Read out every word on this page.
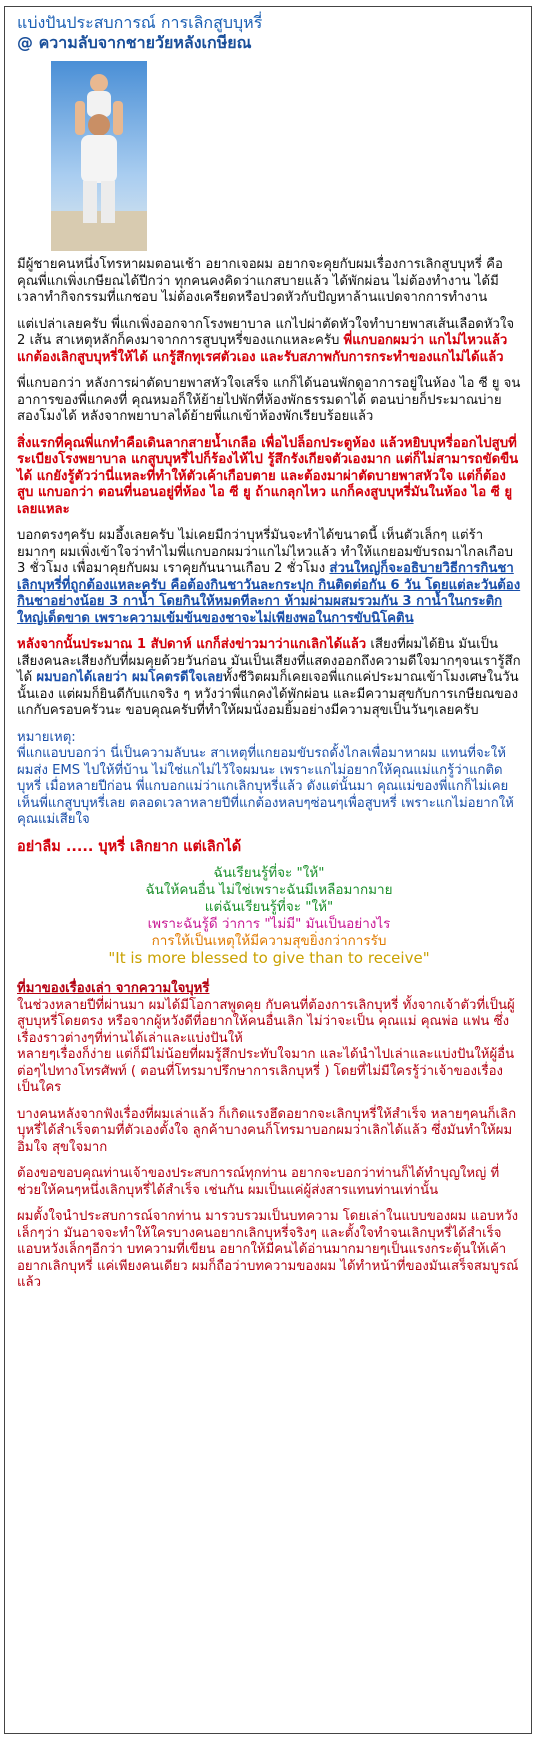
แบ่งปันประสบการณ์ การเลิกสูบบุหรี่
@ ความลับจากชายวัยหลังเกษียณ

มีผู้ชายคนหนึ่งโทรหาผมตอนเช้า อยากเจอผม อยากจะคุยกับผมเรื่องการเลิกสูบบุหรี่ คือคุณพี่แกเพิ่งเกษียณได้ปีกว่า ทุกคนคงคิดว่าแกสบายแล้ว ได้พักผ่อน ไม่ต้องทำงาน ได้มีเวลาทำกิจกรรมที่แกชอบ ไม่ต้องเครียดหรือปวดหัวกับปัญหาล้านแปดจากการทำงาน

แต่เปล่าเลยครับ พี่แกเพิ่งออกจากโรงพยาบาล แกไปผ่าตัดหัวใจทำบายพาสเส้นเลือดหัวใจ 2 เส้น สาเหตุหลักก็คงมาจากการสูบบุหรี่ของแกแหละครับ พี่แกบอกผมว่า แกไม่ไหวแล้ว แกต้องเลิกสูบบุหรี่ให้ได้ แกรู้สึกทุเรศตัวเอง และรับสภาพกับการกระทำของแกไม่ได้แล้ว

พี่แกบอกว่า หลังการผ่าตัดบายพาสหัวใจเสร็จ แกก็ได้นอนพักดูอาการอยู่ในห้อง ไอ ซี ยู จนอาการของพี่แกคงที่ คุณหมอก็ให้ย้ายไปพักที่ห้องพักธรรมดาได้ ตอนบ่ายก็ประมาณบ่ายสองโมงได้ หลังจากพยาบาลได้ย้ายพี่แกเข้าห้องพักเรียบร้อยแล้ว

สิ่งแรกที่คุณพี่แกทำคือเดินลากสายน้ำเกลือ เพื่อไปล็อกประตูห้อง แล้วหยิบบุหรี่ออกไปสูบที่ระเบียงโรงพยาบาล แกสูบบุหรี่ไปก็ร้องไห้ไป รู้สึกรังเกียจตัวเองมาก แต่ก็ไม่สามารถขัดขืนได้ แกยังรู้ตัวว่านี่แหละที่ทำให้ตัวเค้าเกือบตาย และต้องมาผ่าตัดบายพาสหัวใจ แต่ก็ต้องสูบ แกบอกว่า ตอนที่นอนอยู่ที่ห้อง ไอ ซี ยู ถ้าแกลุกไหว แกก็คงสูบบุหรี่มันในห้อง ไอ ซี ยู เลยแหละ

บอกตรงๆครับ ผมอึ้งเลยครับ ไม่เคยมีกว่าบุหรี่มันจะทำได้ขนาดนี้ เห็นตัวเล็กๆ แต่ร้ายมากๆ ผมเพิ่งเข้าใจว่าทำไมพี่แกบอกผมว่าแกไม่ไหวแล้ว ทำให้แกยอมขับรถมาไกลเกือบ 3 ชั่วโมง เพื่อมาคุยกับผม เราคุยกันนานเกือบ 2 ชั่วโมง ส่วนใหญ่ก็จะอธิบายวิธีการกินชาเลิกบุหรี่ที่ถูกต้องแหละครับ คือต้องกินชาวันละกระปุก กินติดต่อกัน 6 วัน โดยแต่ละวันต้องกินชาอย่างน้อย 3 กาน้ำ โดยกินให้หมดทีละกา ห้ามผ่ามผสมรวมกัน 3 กาน้ำในกระติกใหญ่เด็ดขาด เพราะความเข้มข้นของชาจะไม่เพียงพอในการขับนิโคติน

หลังจากนั้นประมาณ 1 สัปดาห์ แกก็ส่งข่าวมาว่าแกเลิกได้แล้ว เสียงที่ผมได้ยิน มันเป็นเสียงคนละเสียงกับที่ผมคุยด้วยวันก่อน มันเป็นเสียงที่แสดงออกถึงความดีใจมากๆจนเรารู้สึกได้ ผมบอกได้เลยว่า ผมโคตรดีใจเลยทั้งชีวิตผมก็เคยเจอพี่แกแค่ประมาณเข้าโมงเศษในวันนั้นเอง แต่ผมก็ยินดีกับแกจริง ๆ หวังว่าพี่แกคงได้พักผ่อน และมีความสุขกับการเกษียณของแกกับครอบครัวนะ ขอบคุณครับที่ทำให้ผมนั่งอมยิ้มอย่างมีความสุขเป็นวันๆเลยครับ

หมายเหตุ:
พี่แกแอบบอกว่า นี่เป็นความลับนะ สาเหตุที่แกยอมขับรถดั้งไกลเพื่อมาหาผม แทนที่จะให้ผมส่ง EMS ไปให้ที่บ้าน ไม่ใช่แกไม่ไว้ใจผมนะ เพราะแกไม่อยากให้คุณแม่แกรู้ว่าแกติดบุหรี่ เมื่อหลายปีก่อน พี่แกบอกแม่ว่าแกเลิกบุหรี่แล้ว ดังแต่นั้นมา คุณแม่ของพี่แกก็ไม่เคยเห็นพี่แกสูบบุหรี่เลย ตลอดเวลาหลายปีที่แกต้องหลบๆซ่อนๆเพื่อสูบหรี่ เพราะแกไม่อยากให้คุณแม่เสียใจ

อย่าลืม ..... บุหรี่ เลิกยาก แต่เลิกได้

ฉันเรียนรู้ที่จะ "ให้"
ฉันให้คนอื่น ไม่ใช่เพราะฉันมีเหลือมากมาย
แต่ฉันเรียนรู้ที่จะ "ให้"
เพราะฉันรู้ดี ว่าการ "ไม่มี" มันเป็นอย่างไร
การให้เป็นเหตุให้มีความสุขยิ่งกว่าการรับ
"It is more blessed to give than to receive"

ที่มาของเรื่องเล่า จากความใจบุหรี่

ในช่วงหลายปีที่ผ่านมา ผมได้มีโอกาสพูดคุย กับคนที่ต้องการเลิกบุหรี่ ทั้งจากเจ้าตัวที่เป็นผู้สูบบุหรี่โดยตรง หรือจากผู้หวังดีที่อยากให้คนอื่นเลิก ไม่ว่าจะเป็น คุณแม่ คุณพ่อ แฟน ซึ่งเรื่องราวต่างๆที่ท่านได้เล่าและแบ่งปันให้

หลายๆเรื่องก็ง่าย แต่ก็มีไม่น้อยที่ผมรู้สึกประทับใจมาก และได้นำไปเล่าและแบ่งปันให้ผู้อื่นต่อๆไปทางโทรศัพท์ ( ตอนที่โทรมาปรึกษาการเลิกบุหรี่ ) โดยที่ไม่มีใครรู้ว่าเจ้าของเรื่องเป็นใคร

บางคนหลังจากฟังเรื่องที่ผมเล่าแล้ว ก็เกิดแรงฮึดอยากจะเลิกบุหรี่ให้สำเร็จ หลายๆคนก็เลิกบุหรี่ได้สำเร็จตามที่ตัวเองตั้งใจ ลูกค้าบางคนก็โทรมาบอกผมว่าเลิกได้แล้ว ซึ่งมันทำให้ผมอิ่มใจ สุขใจมาก

ต้องขอขอบคุณท่านเจ้าของประสบการณ์ทุกท่าน อยากจะบอกว่าท่านก็ได้ทำบุญใหญ่ ที่ช่วยให้คนๆหนึ่งเลิกบุหรี่ได้สำเร็จ เช่นกัน ผมเป็นแค่ผู้ส่งสารแทนท่านเท่านั้น

ผมตั้งใจนำประสบการณ์จากท่าน มารวบรวมเป็นบทความ โดยเล่าในแบบของผม แอบหวังเล็กๆว่า มันอาจจะทำให้ใครบางคนอยากเลิกบุหรี่จริงๆ และตั้งใจทำจนเลิกบุหรี่ได้สำเร็จ แอบหวังเล็กๆอีกว่า บทความที่เขียน อยากให้มีคนได้อ่านมากมายๆเป็นแรงกระตุ้นให้เค้าอยากเลิกบุหรี่ แค่เพียงคนเดียว ผมก็ถือว่าบทความของผม ได้ทำหน้าที่ของมันเสร็จสมบูรณ์แล้ว
